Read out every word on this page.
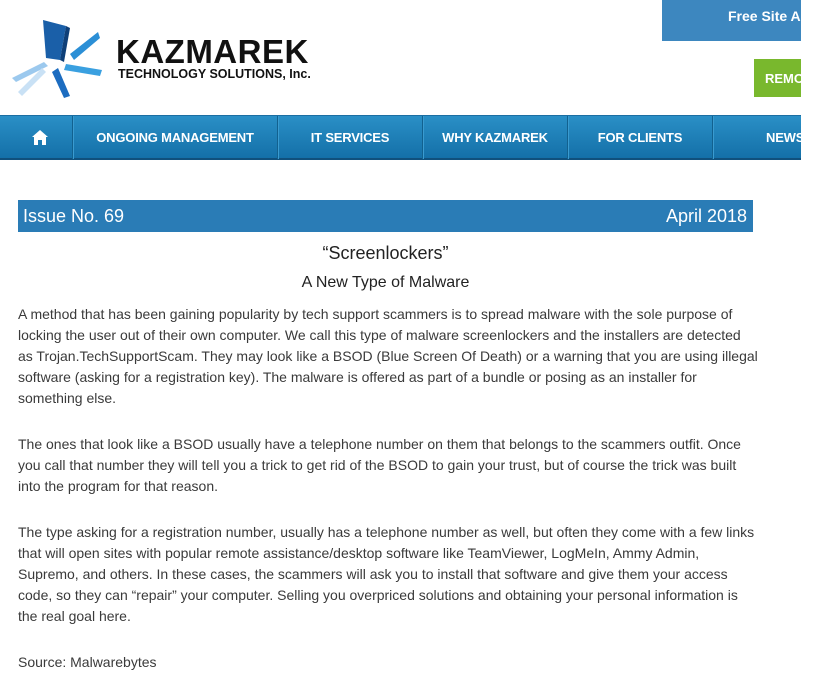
KAZMAREK
TECHNOLOGY SOLUTIONS, Inc.
Free Site An
REMO
ONGOING MANAGEMENT	IT SERVICES	WHY KAZMAREK	FOR CLIENTS	NEWS
Issue No. 69	April 2018
“Screenlockers”
A New Type of Malware

A method that has been gaining popularity by tech support scammers is to spread malware with the sole purpose of locking the user out of their own computer. We call this type of malware screenlockers and the installers are detected as Trojan.TechSupportScam. They may look like a BSOD (Blue Screen Of Death) or a warning that you are using illegal software (asking for a registration key). The malware is offered as part of a bundle or posing as an installer for something else.

The ones that look like a BSOD usually have a telephone number on them that belongs to the scammers outfit. Once you call that number they will tell you a trick to get rid of the BSOD to gain your trust, but of course the trick was built into the program for that reason.

The type asking for a registration number, usually has a telephone number as well, but often they come with a few links that will open sites with popular remote assistance/desktop software like TeamViewer, LogMeIn, Ammy Admin, Supremo, and others. In these cases, the scammers will ask you to install that software and give them your access code, so they can “repair” your computer. Selling you overpriced solutions and obtaining your personal information is the real goal here.

Source: Malwarebytes
